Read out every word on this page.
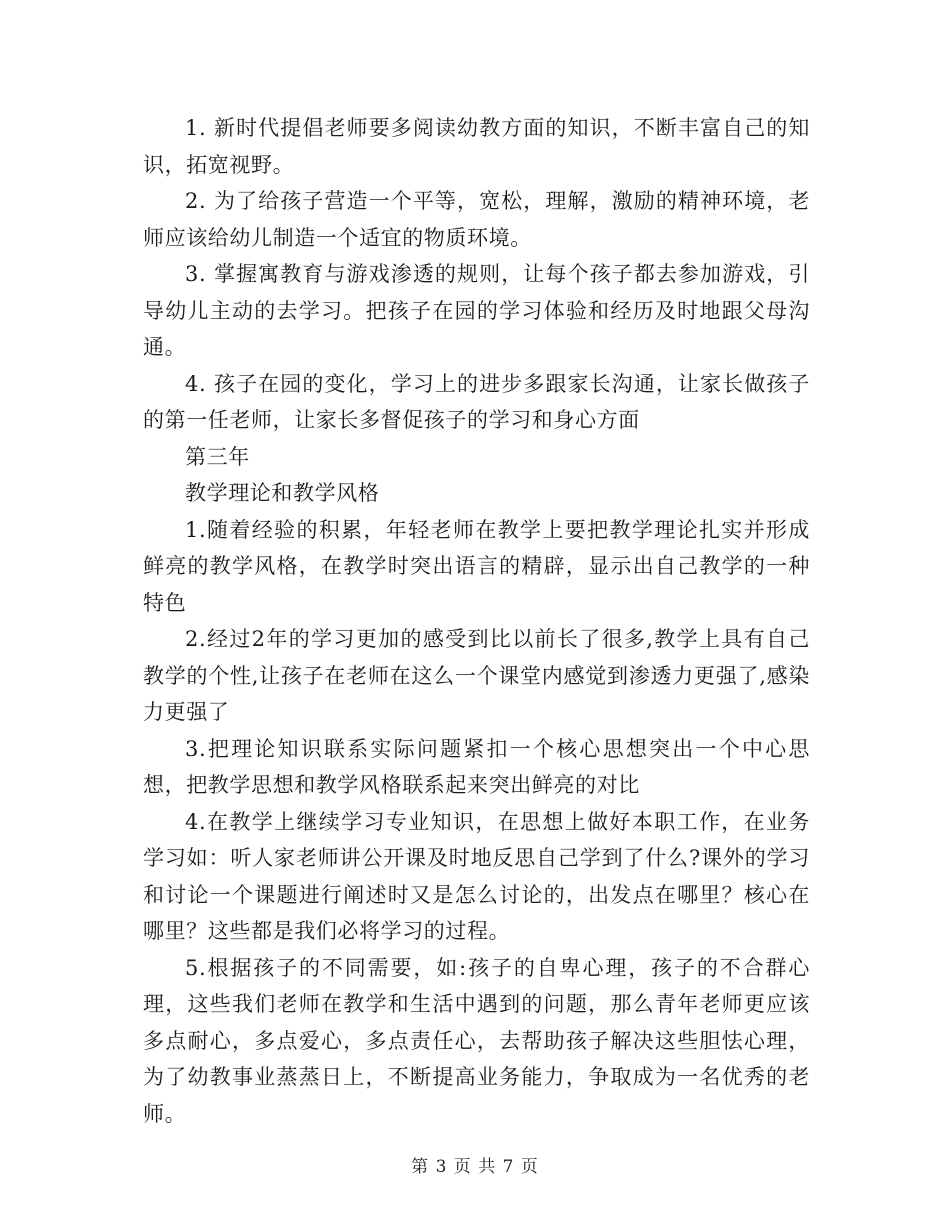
1. 新时代提倡老师要多阅读幼教方面的知识，不断丰富自己的知识，拓宽视野。

2. 为了给孩子营造一个平等，宽松，理解，激励的精神环境，老师应该给幼儿制造一个适宜的物质环境。

3. 掌握寓教育与游戏渗透的规则，让每个孩子都去参加游戏，引导幼儿主动的去学习。把孩子在园的学习体验和经历及时地跟父母沟通。

4. 孩子在园的变化，学习上的进步多跟家长沟通，让家长做孩子的第一任老师，让家长多督促孩子的学习和身心方面

第三年

教学理论和教学风格

1.随着经验的积累，年轻老师在教学上要把教学理论扎实并形成鲜亮的教学风格，在教学时突出语言的精辟，显示出自己教学的一种特色

2.经过2年的学习更加的感受到比以前长了很多,教学上具有自己教学的个性,让孩子在老师在这么一个课堂内感觉到渗透力更强了,感染力更强了

3.把理论知识联系实际问题紧扣一个核心思想突出一个中心思想，把教学思想和教学风格联系起来突出鲜亮的对比

4.在教学上继续学习专业知识，在思想上做好本职工作，在业务学习如：听人家老师讲公开课及时地反思自己学到了什么?课外的学习和讨论一个课题进行阐述时又是怎么讨论的，出发点在哪里？核心在哪里？这些都是我们必将学习的过程。

5.根据孩子的不同需要，如:孩子的自卑心理，孩子的不合群心理，这些我们老师在教学和生活中遇到的问题，那么青年老师更应该多点耐心，多点爱心，多点责任心，去帮助孩子解决这些胆怯心理，为了幼教事业蒸蒸日上，不断提高业务能力，争取成为一名优秀的老师。

第 3 页 共 7 页
